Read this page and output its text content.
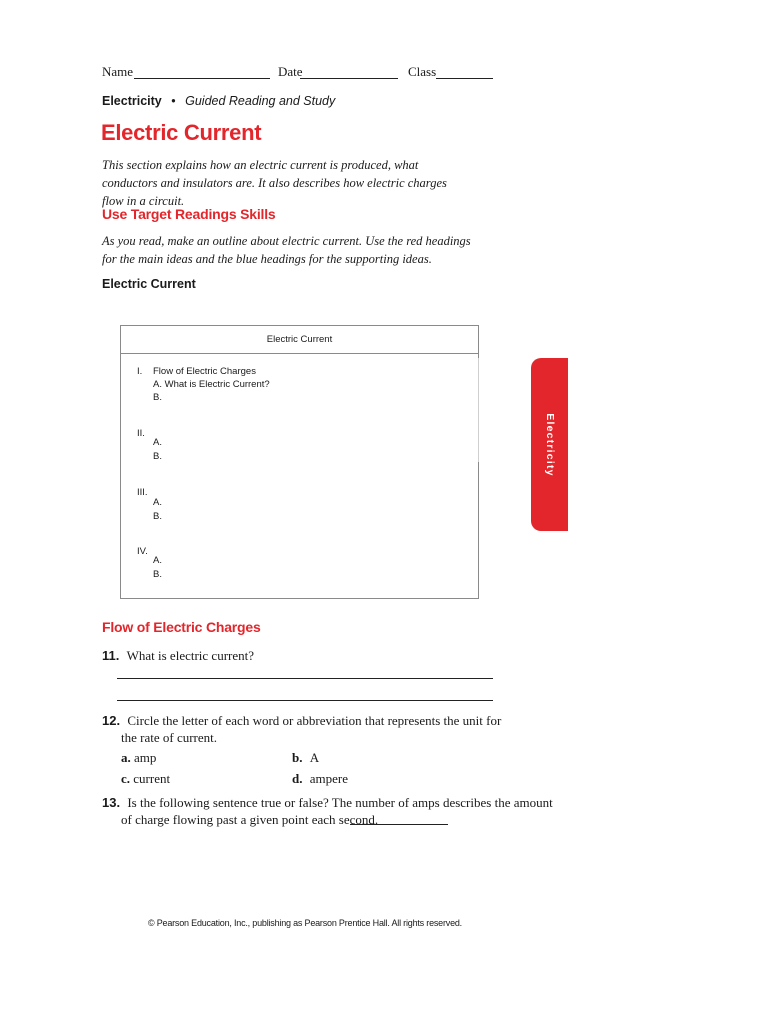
Name	Date	Class
Electricity • Guided Reading and Study
Electric Current
This section explains how an electric current is produced, what conductors and insulators are. It also describes how electric charges flow in a circuit.
Use Target Readings Skills
As you read, make an outline about electric current. Use the red headings for the main ideas and the blue headings for the supporting ideas.
Electric Current
Electric Current
I. Flow of Electric Charges
A. What is Electric Current?
B.
II.
A.
B.
III.
A.
B.
IV.
A.
B.
Electricity
Flow of Electric Charges
11. What is electric current?
12. Circle the letter of each word or abbreviation that represents the unit for
the rate of current.
a. amp	b. A
c. current	d. ampere
13. Is the following sentence true or false? The number of amps describes the amount
of charge flowing past a given point each second.
© Pearson Education, Inc., publishing as Pearson Prentice Hall. All rights reserved.
